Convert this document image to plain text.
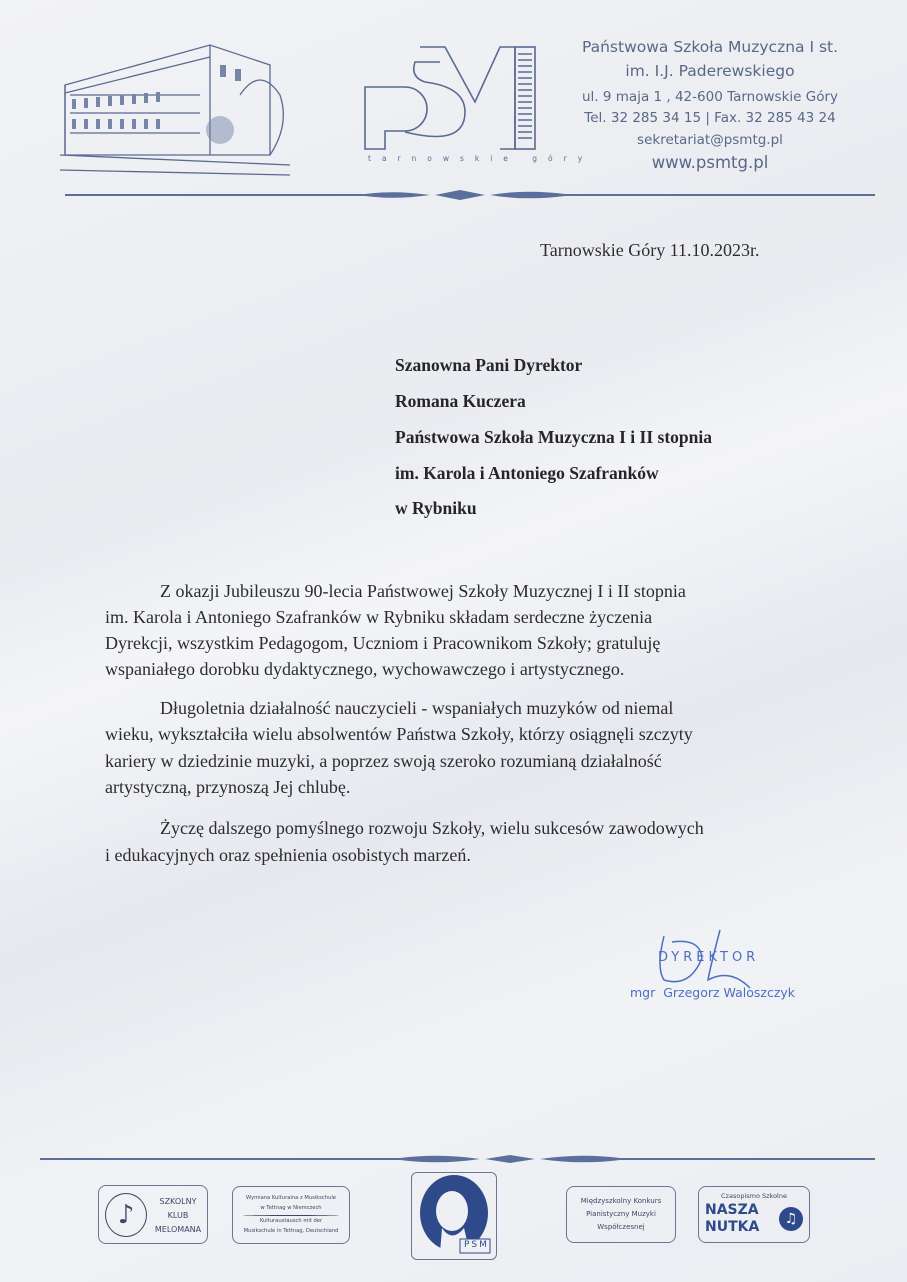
tarnowskie góry
Państwowa Szkoła Muzyczna I st.
im. I.J. Paderewskiego
ul. 9 maja 1 , 42-600 Tarnowskie Góry
Tel. 32 285 34 15 | Fax. 32 285 43 24
sekretariat@psmtg.pl
www.psmtg.pl
Tarnowskie Góry 11.10.2023r.
Szanowna Pani Dyrektor
Romana Kuczera
Państwowa Szkoła Muzyczna I i II stopnia
im. Karola i Antoniego Szafranków
w Rybniku
Z okazji Jubileuszu 90-lecia Państwowej Szkoły Muzycznej I i II stopnia
im. Karola i Antoniego Szafranków w Rybniku składam serdeczne życzenia
Dyrekcji, wszystkim Pedagogom, Uczniom i Pracownikom Szkoły; gratuluję
wspaniałego dorobku dydaktycznego, wychowawczego i artystycznego.
Długoletnia działalność nauczycieli - wspaniałych muzyków od niemal
wieku, wykształciła wielu absolwentów Państwa Szkoły, którzy osiągnęli szczyty
kariery w dziedzinie muzyki, a poprzez swoją szeroko rozumianą działalność
artystyczną, przynoszą Jej chlubę.
Życzę dalszego pomyślnego rozwoju Szkoły, wielu sukcesów zawodowych
i edukacyjnych oraz spełnienia osobistych marzeń.
DYREKTOR
mgr  Grzegorz Waloszczyk
♪	SZKOLNY
KLUB
MELOMANA
Wymiana Kulturalna z Musikschule
w Tettnag w Niemczech
Kulturaustausch mit der
Musikschule in Tettnag, Deutschland
PSM
Międzyszkolny Konkurs
Pianistyczny Muzyki
Współczesnej
Czasopismo Szkolne
NASZA
NUTKA	♫
